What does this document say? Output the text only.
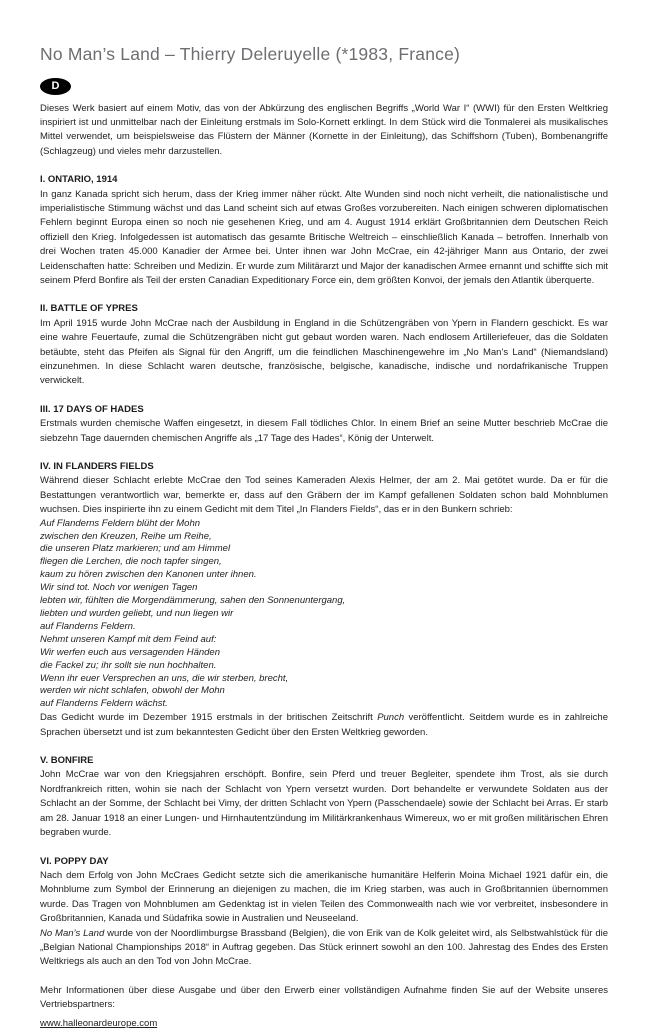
No Man’s Land – Thierry Deleruyelle (*1983, France)
D

Dieses Werk basiert auf einem Motiv, das von der Abkürzung des englischen Begriffs „World War I“ (WWI) für den Ersten Weltkrieg inspiriert ist und unmittelbar nach der Einleitung erstmals im Solo-Kornett erklingt. In dem Stück wird die Tonmalerei als musikalisches Mittel verwendet, um beispielsweise das Flüstern der Männer (Kornette in der Einleitung), das Schiffshorn (Tuben), Bombenangriffe (Schlagzeug) und vieles mehr darzustellen.

I. ONTARIO, 1914

In ganz Kanada spricht sich herum, dass der Krieg immer näher rückt. Alte Wunden sind noch nicht verheilt, die nationalistische und imperialistische Stimmung wächst und das Land scheint sich auf etwas Großes vorzubereiten. Nach einigen schweren diplomatischen Fehlern beginnt Europa einen so noch nie gesehenen Krieg, und am 4. August 1914 erklärt Großbritannien dem Deutschen Reich offiziell den Krieg. Infolgedessen ist automatisch das gesamte Britische Weltreich – einschließlich Kanada – betroffen. Innerhalb von drei Wochen traten 45.000 Kanadier der Armee bei. Unter ihnen war John McCrae, ein 42-jähriger Mann aus Ontario, der zwei Leidenschaften hatte: Schreiben und Medizin. Er wurde zum Militärarzt und Major der kanadischen Armee ernannt und schiffte sich mit seinem Pferd Bonfire als Teil der ersten Canadian Expeditionary Force ein, dem größten Konvoi, der jemals den Atlantik überquerte.

II. BATTLE OF YPRES

Im April 1915 wurde John McCrae nach der Ausbildung in England in die Schützengräben von Ypern in Flandern geschickt. Es war eine wahre Feuertaufe, zumal die Schützengräben nicht gut gebaut worden waren. Nach endlosem Artilleriefeuer, das die Soldaten betäubte, steht das Pfeifen als Signal für den Angriff, um die feindlichen Maschinengewehre im „No Man’s Land“ (Niemandsland) einzunehmen. In diese Schlacht waren deutsche, französische, belgische, kanadische, indische und nordafrikanische Truppen verwickelt.

III. 17 DAYS OF HADES

Erstmals wurden chemische Waffen eingesetzt, in diesem Fall tödliches Chlor. In einem Brief an seine Mutter beschrieb McCrae die siebzehn Tage dauernden chemischen Angriffe als „17 Tage des Hades“, König der Unterwelt.

IV. IN FLANDERS FIELDS

Während dieser Schlacht erlebte McCrae den Tod seines Kameraden Alexis Helmer, der am 2. Mai getötet wurde. Da er für die Bestattungen verantwortlich war, bemerkte er, dass auf den Gräbern der im Kampf gefallenen Soldaten schon bald Mohnblumen wuchsen. Dies inspirierte ihn zu einem Gedicht mit dem Titel „In Flanders Fields“, das er in den Bunkern schrieb:

Auf Flanderns Feldern blüht der Mohn
zwischen den Kreuzen, Reihe um Reihe,
die unseren Platz markieren; und am Himmel
fliegen die Lerchen, die noch tapfer singen,
kaum zu hören zwischen den Kanonen unter ihnen.
Wir sind tot. Noch vor wenigen Tagen
lebten wir, fühlten die Morgendämmerung, sahen den Sonnenuntergang,
liebten und wurden geliebt, und nun liegen wir
auf Flanderns Feldern.
Nehmt unseren Kampf mit dem Feind auf:
Wir werfen euch aus versagenden Händen
die Fackel zu; ihr sollt sie nun hochhalten.
Wenn ihr euer Versprechen an uns, die wir sterben, brecht,
werden wir nicht schlafen, obwohl der Mohn
auf Flanderns Feldern wächst.

Das Gedicht wurde im Dezember 1915 erstmals in der britischen Zeitschrift Punch veröffentlicht. Seitdem wurde es in zahlreiche Sprachen übersetzt und ist zum bekanntesten Gedicht über den Ersten Weltkrieg geworden.

V. BONFIRE

John McCrae war von den Kriegsjahren erschöpft. Bonfire, sein Pferd und treuer Begleiter, spendete ihm Trost, als sie durch Nordfrankreich ritten, wohin sie nach der Schlacht von Ypern versetzt wurden. Dort behandelte er verwundete Soldaten aus der Schlacht an der Somme, der Schlacht bei Vimy, der dritten Schlacht von Ypern (Passchendaele) sowie der Schlacht bei Arras. Er starb am 28. Januar 1918 an einer Lungen- und Hirnhautentzündung im Militärkrankenhaus Wimereux, wo er mit großen militärischen Ehren begraben wurde.

VI. POPPY DAY

Nach dem Erfolg von John McCraes Gedicht setzte sich die amerikanische humanitäre Helferin Moina Michael 1921 dafür ein, die Mohnblume zum Symbol der Erinnerung an diejenigen zu machen, die im Krieg starben, was auch in Großbritannien übernommen wurde. Das Tragen von Mohnblumen am Gedenktag ist in vielen Teilen des Commonwealth nach wie vor verbreitet, insbesondere in Großbritannien, Kanada und Südafrika sowie in Australien und Neuseeland.

No Man’s Land wurde von der Noordlimburgse Brassband (Belgien), die von Erik van de Kolk geleitet wird, als Selbstwahlstück für die „Belgian National Championships 2018“ in Auftrag gegeben. Das Stück erinnert sowohl an den 100. Jahrestag des Endes des Ersten Weltkriegs als auch an den Tod von John McCrae.

Mehr Informationen über diese Ausgabe und über den Erwerb einer vollständigen Aufnahme finden Sie auf der Website unseres Vertriebspartners:

www.halleonardeurope.com
